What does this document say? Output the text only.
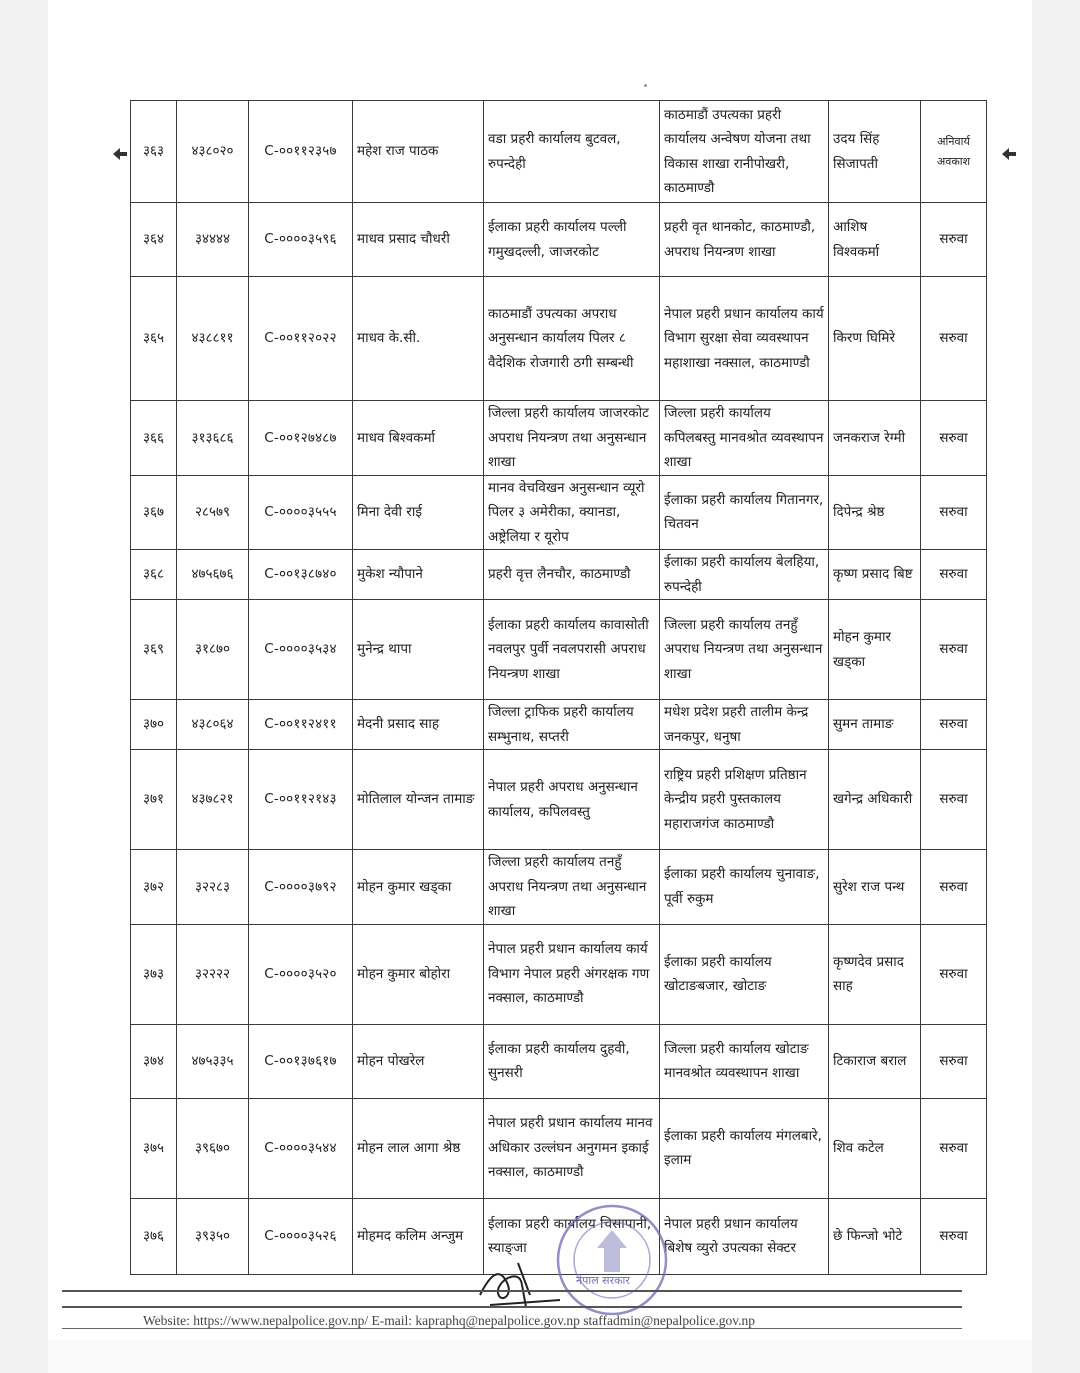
३६३	४३८०२०	C-००११२३५७	महेश राज पाठक	वडा प्रहरी कार्यालय बुटवल, रुपन्देही	काठमाडौं उपत्यका प्रहरी कार्यालय अन्वेषण योजना तथा विकास शाखा रानीपोखरी, काठमाण्डौ	उदय सिंह सिजापती	अनिवार्य अवकाश
३६४	३४४४४	C-००००३५९६	माधव प्रसाद चौधरी	ईलाका प्रहरी कार्यालय पल्ली गमुखदल्ली, जाजरकोट	प्रहरी वृत थानकोट, काठमाण्डौ, अपराध नियन्त्रण शाखा	आशिष विश्वकर्मा	सरुवा
३६५	४३८८११	C-००११२०२२	माधव के.सी.	काठमाडौं उपत्यका अपराध अनुसन्धान कार्यालय पिलर ८ वैदेशिक रोजगारी ठगी सम्बन्धी	नेपाल प्रहरी प्रधान कार्यालय कार्य विभाग सुरक्षा सेवा व्यवस्थापन महाशाखा नक्साल, काठमाण्डौ	किरण घिमिरे	सरुवा
३६६	३१३६८६	C-००१२७४८७	माधव बिश्वकर्मा	जिल्ला प्रहरी कार्यालय जाजरकोट अपराध नियन्त्रण तथा अनुसन्धान शाखा	जिल्ला प्रहरी कार्यालय कपिलबस्तु मानवश्रोत व्यवस्थापन शाखा	जनकराज रेग्मी	सरुवा
३६७	२८५७९	C-००००३५५५	मिना देवी राई	मानव वेचविखन अनुसन्धान व्यूरो पिलर ३ अमेरीका, क्यानडा, अष्ट्रेलिया र यूरोप	ईलाका प्रहरी कार्यालय गितानगर, चितवन	दिपेन्द्र श्रेष्ठ	सरुवा
३६८	४७५६७६	C-००१३८७४०	मुकेश न्यौपाने	प्रहरी वृत्त लैनचौर, काठमाण्डौ	ईलाका प्रहरी कार्यालय बेलहिया, रुपन्देही	कृष्ण प्रसाद बिष्ट	सरुवा
३६९	३१८७०	C-००००३५३४	मुनेन्द्र थापा	ईलाका प्रहरी कार्यालय कावासोती नवलपुर पुर्वी नवलपरासी अपराध नियन्त्रण शाखा	जिल्ला प्रहरी कार्यालय तनहुँ अपराध नियन्त्रण तथा अनुसन्धान शाखा	मोहन कुमार खड्का	सरुवा
३७०	४३८०६४	C-००११२४११	मेदनी प्रसाद साह	जिल्ला ट्राफिक प्रहरी कार्यालय सम्भुनाथ, सप्तरी	मधेश प्रदेश प्रहरी तालीम केन्द्र जनकपुर, धनुषा	सुमन तामाङ	सरुवा
३७१	४३७८२१	C-००११२१४३	मोतिलाल योन्जन तामाङ	नेपाल प्रहरी अपराध अनुसन्धान कार्यालय, कपिलवस्तु	राष्ट्रिय प्रहरी प्रशिक्षण प्रतिष्ठान केन्द्रीय प्रहरी पुस्तकालय महाराजगंज काठमाण्डौ	खगेन्द्र अधिकारी	सरुवा
३७२	३२२८३	C-००००३७९२	मोहन कुमार खड्का	जिल्ला प्रहरी कार्यालय तनहुँ अपराध नियन्त्रण तथा अनुसन्धान शाखा	ईलाका प्रहरी कार्यालय चुनावाङ, पूर्वी रुकुम	सुरेश राज पन्थ	सरुवा
३७३	३२२२२	C-००००३५२०	मोहन कुमार बोहोरा	नेपाल प्रहरी प्रधान कार्यालय कार्य विभाग नेपाल प्रहरी अंगरक्षक गण नक्साल, काठमाण्डौ	ईलाका प्रहरी कार्यालय खोटाङबजार, खोटाङ	कृष्णदेव प्रसाद साह	सरुवा
३७४	४७५३३५	C-००१३७६१७	मोहन पोखरेल	ईलाका प्रहरी कार्यालय दुहवी, सुनसरी	जिल्ला प्रहरी कार्यालय खोटाङ मानवश्रोत व्यवस्थापन शाखा	टिकाराज बराल	सरुवा
३७५	३९६७०	C-००००३५४४	मोहन लाल आगा श्रेष्ठ	नेपाल प्रहरी प्रधान कार्यालय मानव अधिकार उल्लंघन अनुगमन इकाई नक्साल, काठमाण्डौ	ईलाका प्रहरी कार्यालय मंगलबारे, इलाम	शिव कटेल	सरुवा
३७६	३९३५०	C-००००३५२६	मोहमद कलिम अन्जुम	ईलाका प्रहरी कार्यालय चिसापानी, स्याङ्जा	नेपाल प्रहरी प्रधान कार्यालय बिशेष व्युरो उपत्यका सेक्टर	छे फिन्जो भोटे	सरुवा
नेपाल सरकार
Website: https://www.nepalpolice.gov.np/ E-mail: kapraphq@nepalpolice.gov.np staffadmin@nepalpolice.gov.np
